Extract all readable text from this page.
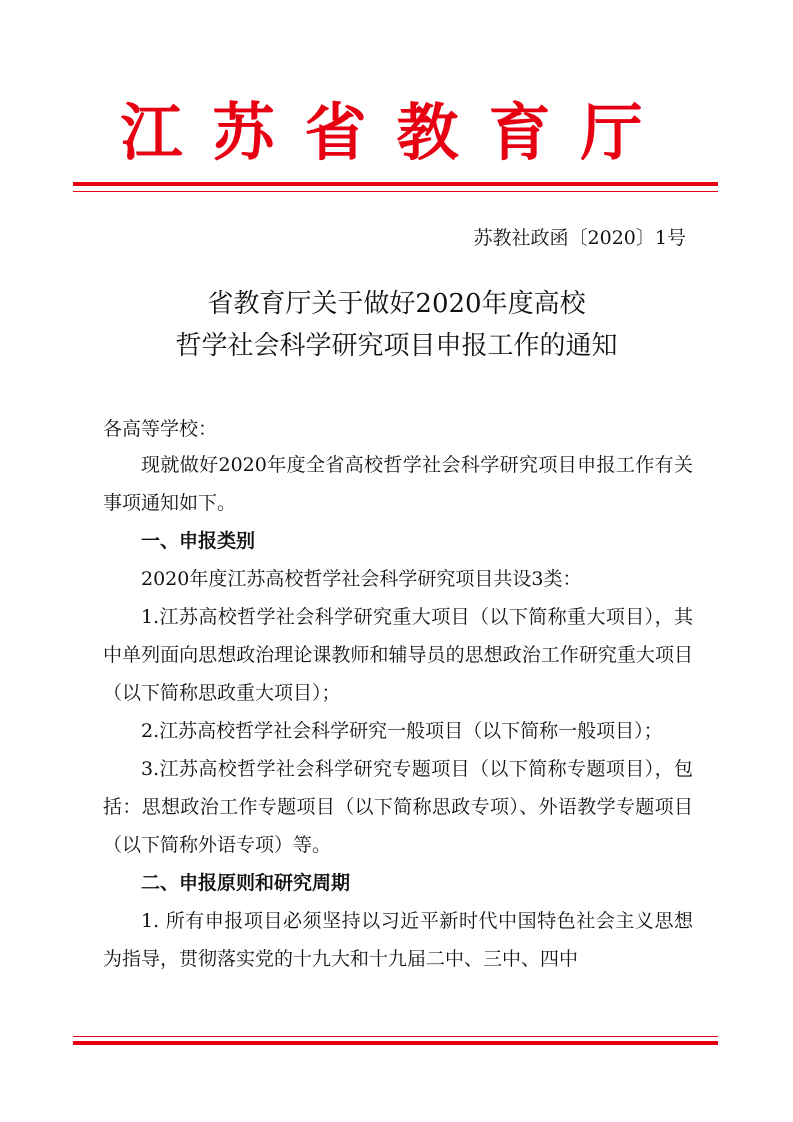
江苏省教育厅
苏教社政函〔2020〕1号
省教育厅关于做好2020年度高校
哲学社会科学研究项目申报工作的通知
各高等学校：

现就做好2020年度全省高校哲学社会科学研究项目申报工作有关事项通知如下。

一、申报类别

2020年度江苏高校哲学社会科学研究项目共设3类：

1.江苏高校哲学社会科学研究重大项目（以下简称重大项目），其中单列面向思想政治理论课教师和辅导员的思想政治工作研究重大项目（以下简称思政重大项目）；

2.江苏高校哲学社会科学研究一般项目（以下简称一般项目）；

3.江苏高校哲学社会科学研究专题项目（以下简称专题项目），包括：思想政治工作专题项目（以下简称思政专项）、外语教学专题项目（以下简称外语专项）等。

二、申报原则和研究周期

1. 所有申报项目必须坚持以习近平新时代中国特色社会主义思想为指导，贯彻落实党的十九大和十九届二中、三中、四中
